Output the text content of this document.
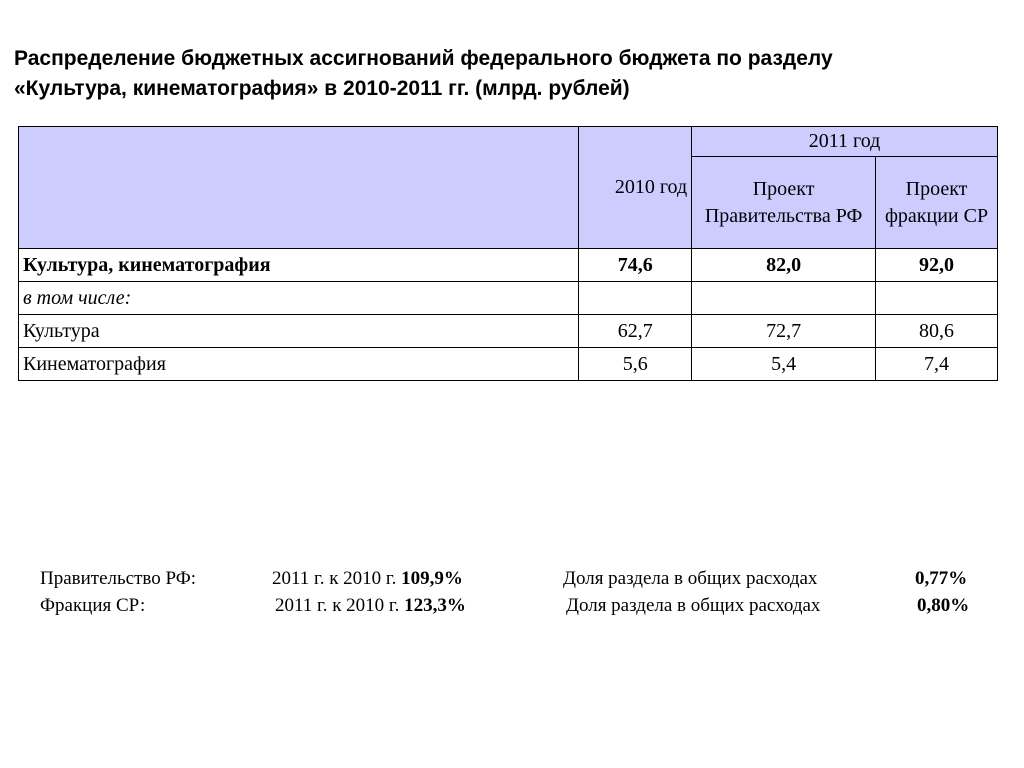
Распределение бюджетных ассигнований федерального бюджета по разделу
«Культура, кинематография» в 2010-2011 гг. (млрд. рублей)
	2010 год	2011 год	
		Проект Правительства РФ	Проект фракции СР
Культура, кинематография	74,6	82,0	92,0
в том числе:			
Культура	62,7	72,7	80,6
Кинематография	5,6	5,4	7,4
Правительство РФ:	2011 г. к 2010 г. 109,9%	Доля раздела в общих расходах	0,77%
Фракция СР:	2011 г. к 2010 г. 123,3%	Доля раздела в общих расходах	0,80%
